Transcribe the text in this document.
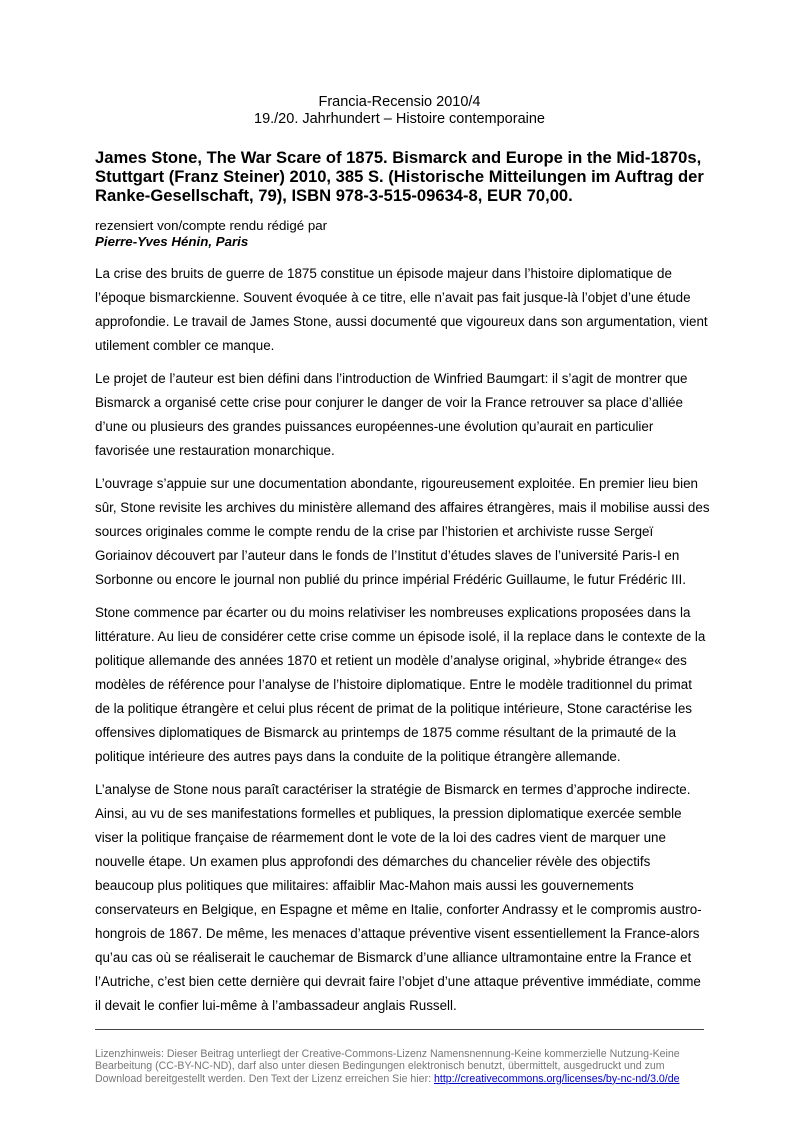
Francia-Recensio 2010/4
19./20. Jahrhundert – Histoire contemporaine
James Stone, The War Scare of 1875. Bismarck and Europe in the Mid-1870s, Stuttgart (Franz Steiner) 2010, 385 S. (Historische Mitteilungen im Auftrag der Ranke-Gesellschaft, 79), ISBN 978-3-515-09634-8, EUR 70,00.
rezensiert von/compte rendu rédigé par
Pierre-Yves Hénin, Paris

La crise des bruits de guerre de 1875 constitue un épisode majeur dans l’histoire diplomatique de l’époque bismarckienne. Souvent évoquée à ce titre, elle n’avait pas fait jusque-là l’objet d’une étude approfondie. Le travail de James Stone, aussi documenté que vigoureux dans son argumentation, vient utilement combler ce manque.

Le projet de l’auteur est bien défini dans l’introduction de Winfried Baumgart: il s’agit de montrer que Bismarck a organisé cette crise pour conjurer le danger de voir la France retrouver sa place d’alliée d’une ou plusieurs des grandes puissances européennes-une évolution qu’aurait en particulier favorisée une restauration monarchique.

L’ouvrage s’appuie sur une documentation abondante, rigoureusement exploitée. En premier lieu bien sûr, Stone revisite les archives du ministère allemand des affaires étrangères, mais il mobilise aussi des sources originales comme le compte rendu de la crise par l’historien et archiviste russe Sergeï Goriainov découvert par l’auteur dans le fonds de l’Institut d’études slaves de l’université Paris-I en Sorbonne ou encore le journal non publié du prince impérial Frédéric Guillaume, le futur Frédéric III.

Stone commence par écarter ou du moins relativiser les nombreuses explications proposées dans la littérature. Au lieu de considérer cette crise comme un épisode isolé, il la replace dans le contexte de la politique allemande des années 1870 et retient un modèle d’analyse original, »hybride étrange« des modèles de référence pour l’analyse de l’histoire diplomatique. Entre le modèle traditionnel du primat de la politique étrangère et celui plus récent de primat de la politique intérieure, Stone caractérise les offensives diplomatiques de Bismarck au printemps de 1875 comme résultant de la primauté de la politique intérieure des autres pays dans la conduite de la politique étrangère allemande.

L’analyse de Stone nous paraît caractériser la stratégie de Bismarck en termes d’approche indirecte. Ainsi, au vu de ses manifestations formelles et publiques, la pression diplomatique exercée semble viser la politique française de réarmement dont le vote de la loi des cadres vient de marquer une nouvelle étape. Un examen plus approfondi des démarches du chancelier révèle des objectifs beaucoup plus politiques que militaires: affaiblir Mac-Mahon mais aussi les gouvernements conservateurs en Belgique, en Espagne et même en Italie, conforter Andrassy et le compromis austro-hongrois de 1867. De même, les menaces d’attaque préventive visent essentiellement la France-alors qu’au cas où se réaliserait le cauchemar de Bismarck d’une alliance ultramontaine entre la France et l’Autriche, c’est bien cette dernière qui devrait faire l’objet d’une attaque préventive immédiate, comme il devait le confier lui-même à l’ambassadeur anglais Russell.

Lizenzhinweis: Dieser Beitrag unterliegt der Creative-Commons-Lizenz Namensnennung-Keine kommerzielle Nutzung-Keine Bearbeitung (CC-BY-NC-ND), darf also unter diesen Bedingungen elektronisch benutzt, übermittelt, ausgedruckt und zum Download bereitgestellt werden. Den Text der Lizenz erreichen Sie hier: http://creativecommons.org/licenses/by-nc-nd/3.0/de
